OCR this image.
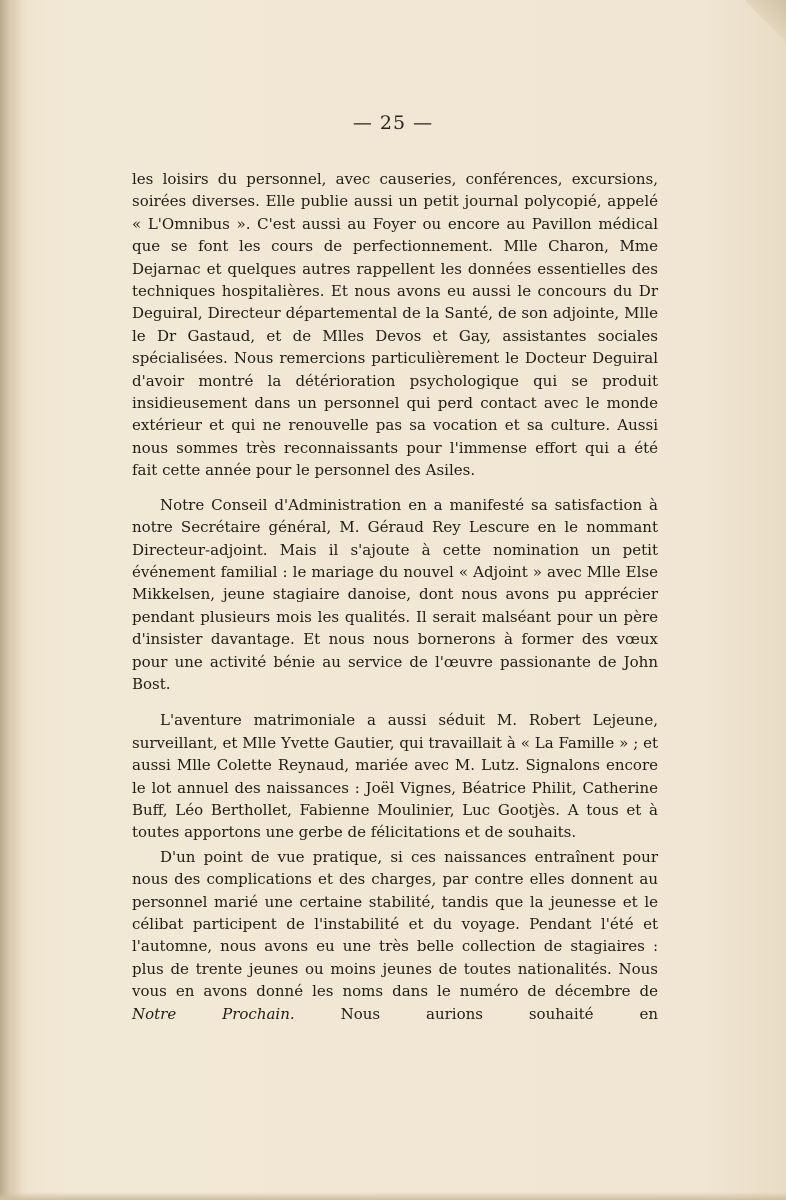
— 25 —

les loisirs du personnel, avec causeries, conférences, excursions, soirées diverses. Elle publie aussi un petit journal polycopié, appelé « L'Omnibus ». C'est aussi au Foyer ou encore au Pavillon médical que se font les cours de perfectionnement. Mlle Charon, Mme Dejarnac et quelques autres rappellent les données essentielles des techniques hospitalières. Et nous avons eu aussi le concours du Dr Deguiral, Directeur départemental de la Santé, de son adjointe, Mlle le Dr Gastaud, et de Mlles Devos et Gay, assistantes sociales spécialisées. Nous remercions particulièrement le Docteur Deguiral d'avoir montré la détérioration psychologique qui se produit insidieusement dans un personnel qui perd contact avec le monde extérieur et qui ne renouvelle pas sa vocation et sa culture. Aussi nous sommes très reconnaissants pour l'immense effort qui a été fait cette année pour le personnel des Asiles.

Notre Conseil d'Administration en a manifesté sa satisfaction à notre Secrétaire général, M. Géraud Rey Lescure en le nommant Directeur-adjoint. Mais il s'ajoute à cette nomination un petit événement familial : le mariage du nouvel « Adjoint » avec Mlle Else Mikkelsen, jeune stagiaire danoise, dont nous avons pu apprécier pendant plusieurs mois les qualités. Il serait malséant pour un père d'insister davantage. Et nous nous bornerons à former des vœux pour une activité bénie au service de l'œuvre passionante de John Bost.

L'aventure matrimoniale a aussi séduit M. Robert Lejeune, surveillant, et Mlle Yvette Gautier, qui travaillait à « La Famille » ; et aussi Mlle Colette Reynaud, mariée avec M. Lutz. Signalons encore le lot annuel des naissances : Joël Vignes, Béatrice Philit, Catherine Buff, Léo Berthollet, Fabienne Moulinier, Luc Gootjès. A tous et à toutes apportons une gerbe de félicitations et de souhaits.

D'un point de vue pratique, si ces naissances entraînent pour nous des complications et des charges, par contre elles donnent au personnel marié une certaine stabilité, tandis que la jeunesse et le célibat participent de l'instabilité et du voyage. Pendant l'été et l'automne, nous avons eu une très belle collection de stagiaires : plus de trente jeunes ou moins jeunes de toutes nationalités. Nous vous en avons donné les noms dans le numéro de décembre de Notre Prochain.	Nous aurions souhaité en
